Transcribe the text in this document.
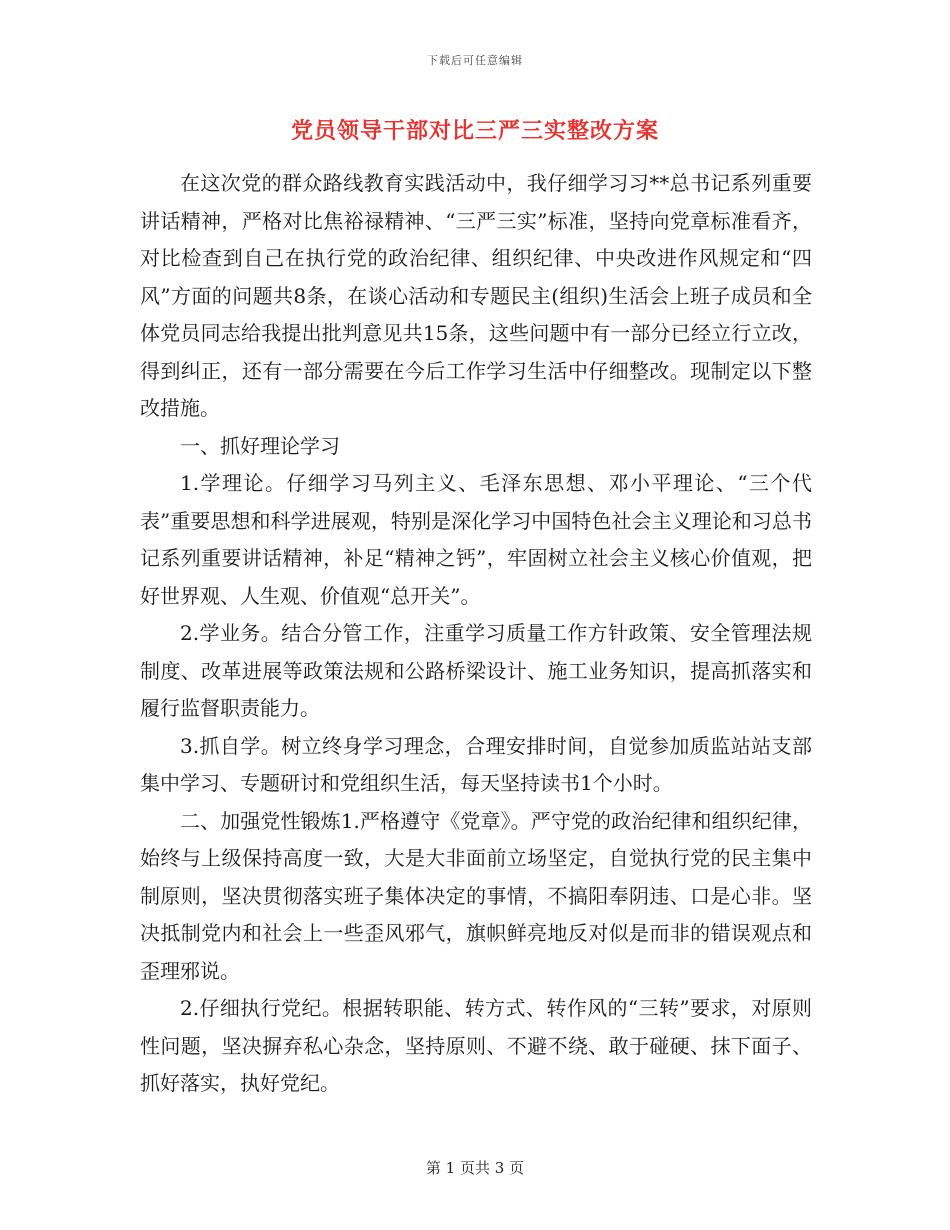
下载后可任意编辑
党员领导干部对比三严三实整改方案

在这次党的群众路线教育实践活动中，我仔细学习习**总书记系列重要讲话精神，严格对比焦裕禄精神、“三严三实”标准，坚持向党章标准看齐，对比检查到自己在执行党的政治纪律、组织纪律、中央改进作风规定和“四风”方面的问题共8条，在谈心活动和专题民主(组织)生活会上班子成员和全体党员同志给我提出批判意见共15条，这些问题中有一部分已经立行立改，得到纠正，还有一部分需要在今后工作学习生活中仔细整改。现制定以下整改措施。

一、抓好理论学习

1.学理论。仔细学习马列主义、毛泽东思想、邓小平理论、“三个代表”重要思想和科学进展观，特别是深化学习中国特色社会主义理论和习总书记系列重要讲话精神，补足“精神之钙”，牢固树立社会主义核心价值观，把好世界观、人生观、价值观“总开关”。

2.学业务。结合分管工作，注重学习质量工作方针政策、安全管理法规制度、改革进展等政策法规和公路桥梁设计、施工业务知识，提高抓落实和履行监督职责能力。

3.抓自学。树立终身学习理念，合理安排时间，自觉参加质监站站支部集中学习、专题研讨和党组织生活，每天坚持读书1个小时。

二、加强党性锻炼1.严格遵守《党章》。严守党的政治纪律和组织纪律，始终与上级保持高度一致，大是大非面前立场坚定，自觉执行党的民主集中制原则，坚决贯彻落实班子集体决定的事情，不搞阳奉阴违、口是心非。坚决抵制党内和社会上一些歪风邪气，旗帜鲜亮地反对似是而非的错误观点和歪理邪说。

2.仔细执行党纪。根据转职能、转方式、转作风的“三转”要求，对原则性问题，坚决摒弃私心杂念，坚持原则、不避不绕、敢于碰硬、抹下面子、抓好落实，执好党纪。

第 1 页共 3 页
